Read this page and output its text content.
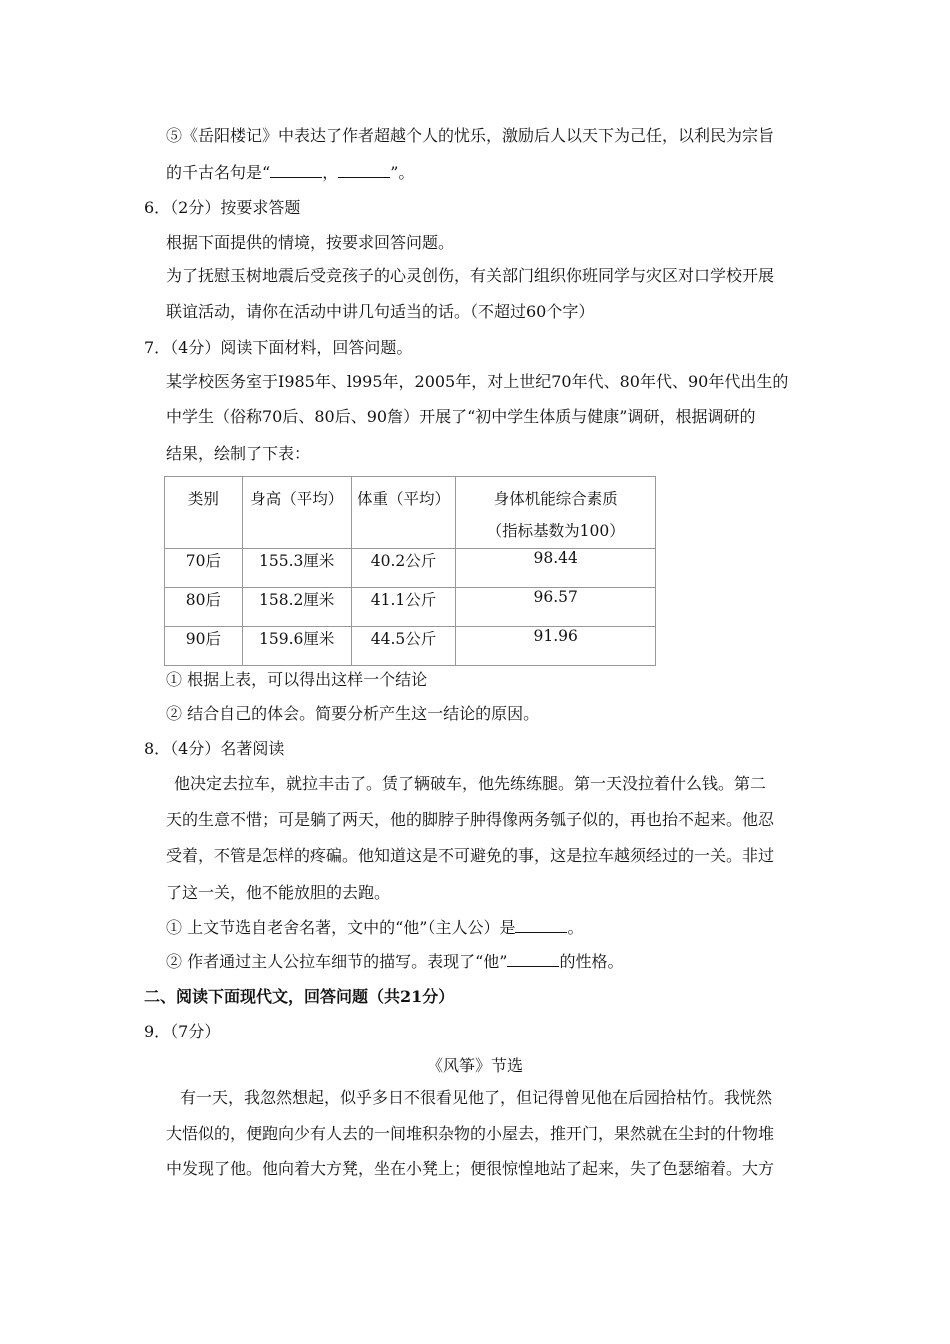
⑤《岳阳楼记》中表达了作者超越个人的忧乐，激励后人以天下为己任，以利民为宗旨
的千古名句是“	，	”。
6．（2分）按要求答题
根据下面提供的情境，按要求回答问题。
为了抚慰玉树地震后受竞孩子的心灵创伤，有关部门组织你班同学与灾区对口学校开展
联谊活动，请你在活动中讲几句适当的话。（不超过60个字）
7．（4分）阅读下面材料，回答问题。
某学校医务室于I985年、l995年，2005年，对上世纪70年代、80年代、90年代出生的
中学生（俗称70后、80后、90詹）开展了“初中学生体质与健康”调研，根据调研的
结果，绘制了下表：
类别	身高（平均）	体重（平均）	身体机能综合素质
（指标基数为100）

70后	155.3厘米	40.2公斤	98.44
80后	158.2厘米	41.1公斤	96.57
90后	159.6厘米	44.5公斤	91.96
① 根据上表，可以得出这样一个结论
② 结合自己的体会。简要分析产生这一结论的原因。
8．（4分）名著阅读
他决定去拉车，就拉丰击了。赁了辆破车，他先练练腿。第一天没拉着什么钱。第二
天的生意不惜；可是躺了两天，他的脚脖子肿得像两务瓠子似的，再也抬不起来。他忍
受着，不管是怎样的疼碥。他知道这是不可避免的事，这是拉车越须经过的一关。非过
了这一关，他不能放胆的去跑。
① 上文节选自老舍名著，文中的“他”（主人公）是	。
② 作者通过主人公拉车细节的描写。表现了“他”	的性格。
二、阅读下面现代文，回答问题（共21分）
9．（7分）
《风筝》节选
有一天，我忽然想起，似乎多日不很看见他了，但记得曾见他在后园拾枯竹。我恍然
大悟似的，便跑向少有人去的一间堆积杂物的小屋去，推开门，果然就在尘封的什物堆
中发现了他。他向着大方凳，坐在小凳上；便很惊惶地站了起来，失了色瑟缩着。大方
